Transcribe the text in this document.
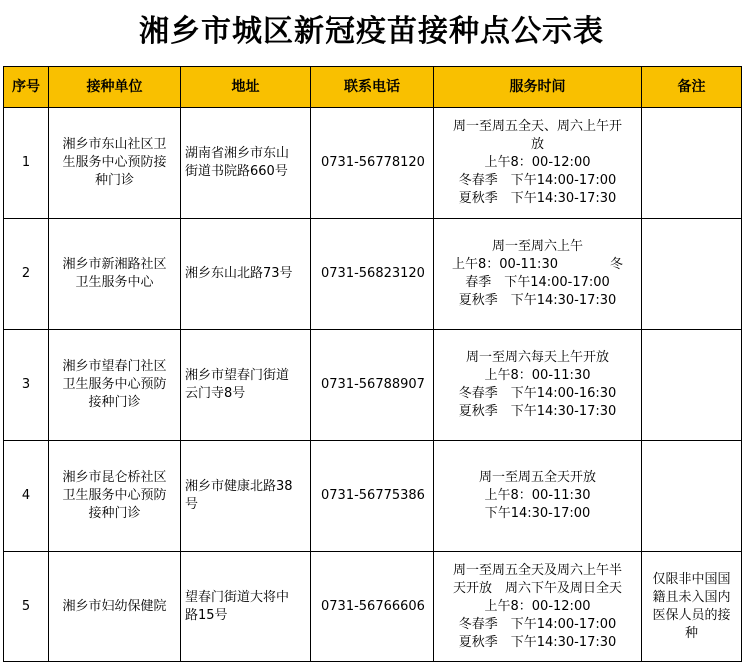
湘乡市城区新冠疫苗接种点公示表
序号	接种单位	地址	联系电话	服务时间	备注
1	湘乡市东山社区卫
生服务中心预防接
种门诊	湖南省湘乡市东山
街道书院路660号	0731-56778120	周一至周五全天、周六上午开
放
上午8：00-12:00
冬春季　下午14:00-17:00
夏秋季　下午14:30-17:30	

2	湘乡市新湘路社区
卫生服务中心	湘乡东山北路73号	0731-56823120	周一至周六上午
上午8：00-11:30　　　　冬
春季　下午14:00-17:00
夏秋季　下午14:30-17:30	

3	湘乡市望春门社区
卫生服务中心预防
接种门诊	湘乡市望春门街道
云门寺8号	0731-56788907	周一至周六每天上午开放
上午8：00-11:30
冬春季　下午14:00-16:30
夏秋季　下午14:30-17:30	

4	湘乡市昆仑桥社区
卫生服务中心预防
接种门诊	湘乡市健康北路38
号	0731-56775386	周一至周五全天开放
上午8：00-11:30
下午14:30-17:00	

5	湘乡市妇幼保健院	望春门街道大将中
路15号	0731-56766606	周一至周五全天及周六上午半
天开放　周六下午及周日全天
上午8：00-12:00
冬春季　下午14:00-17:00
夏秋季　下午14:30-17:30	仅限非中国国
籍且未入国内
医保人员的接
种
